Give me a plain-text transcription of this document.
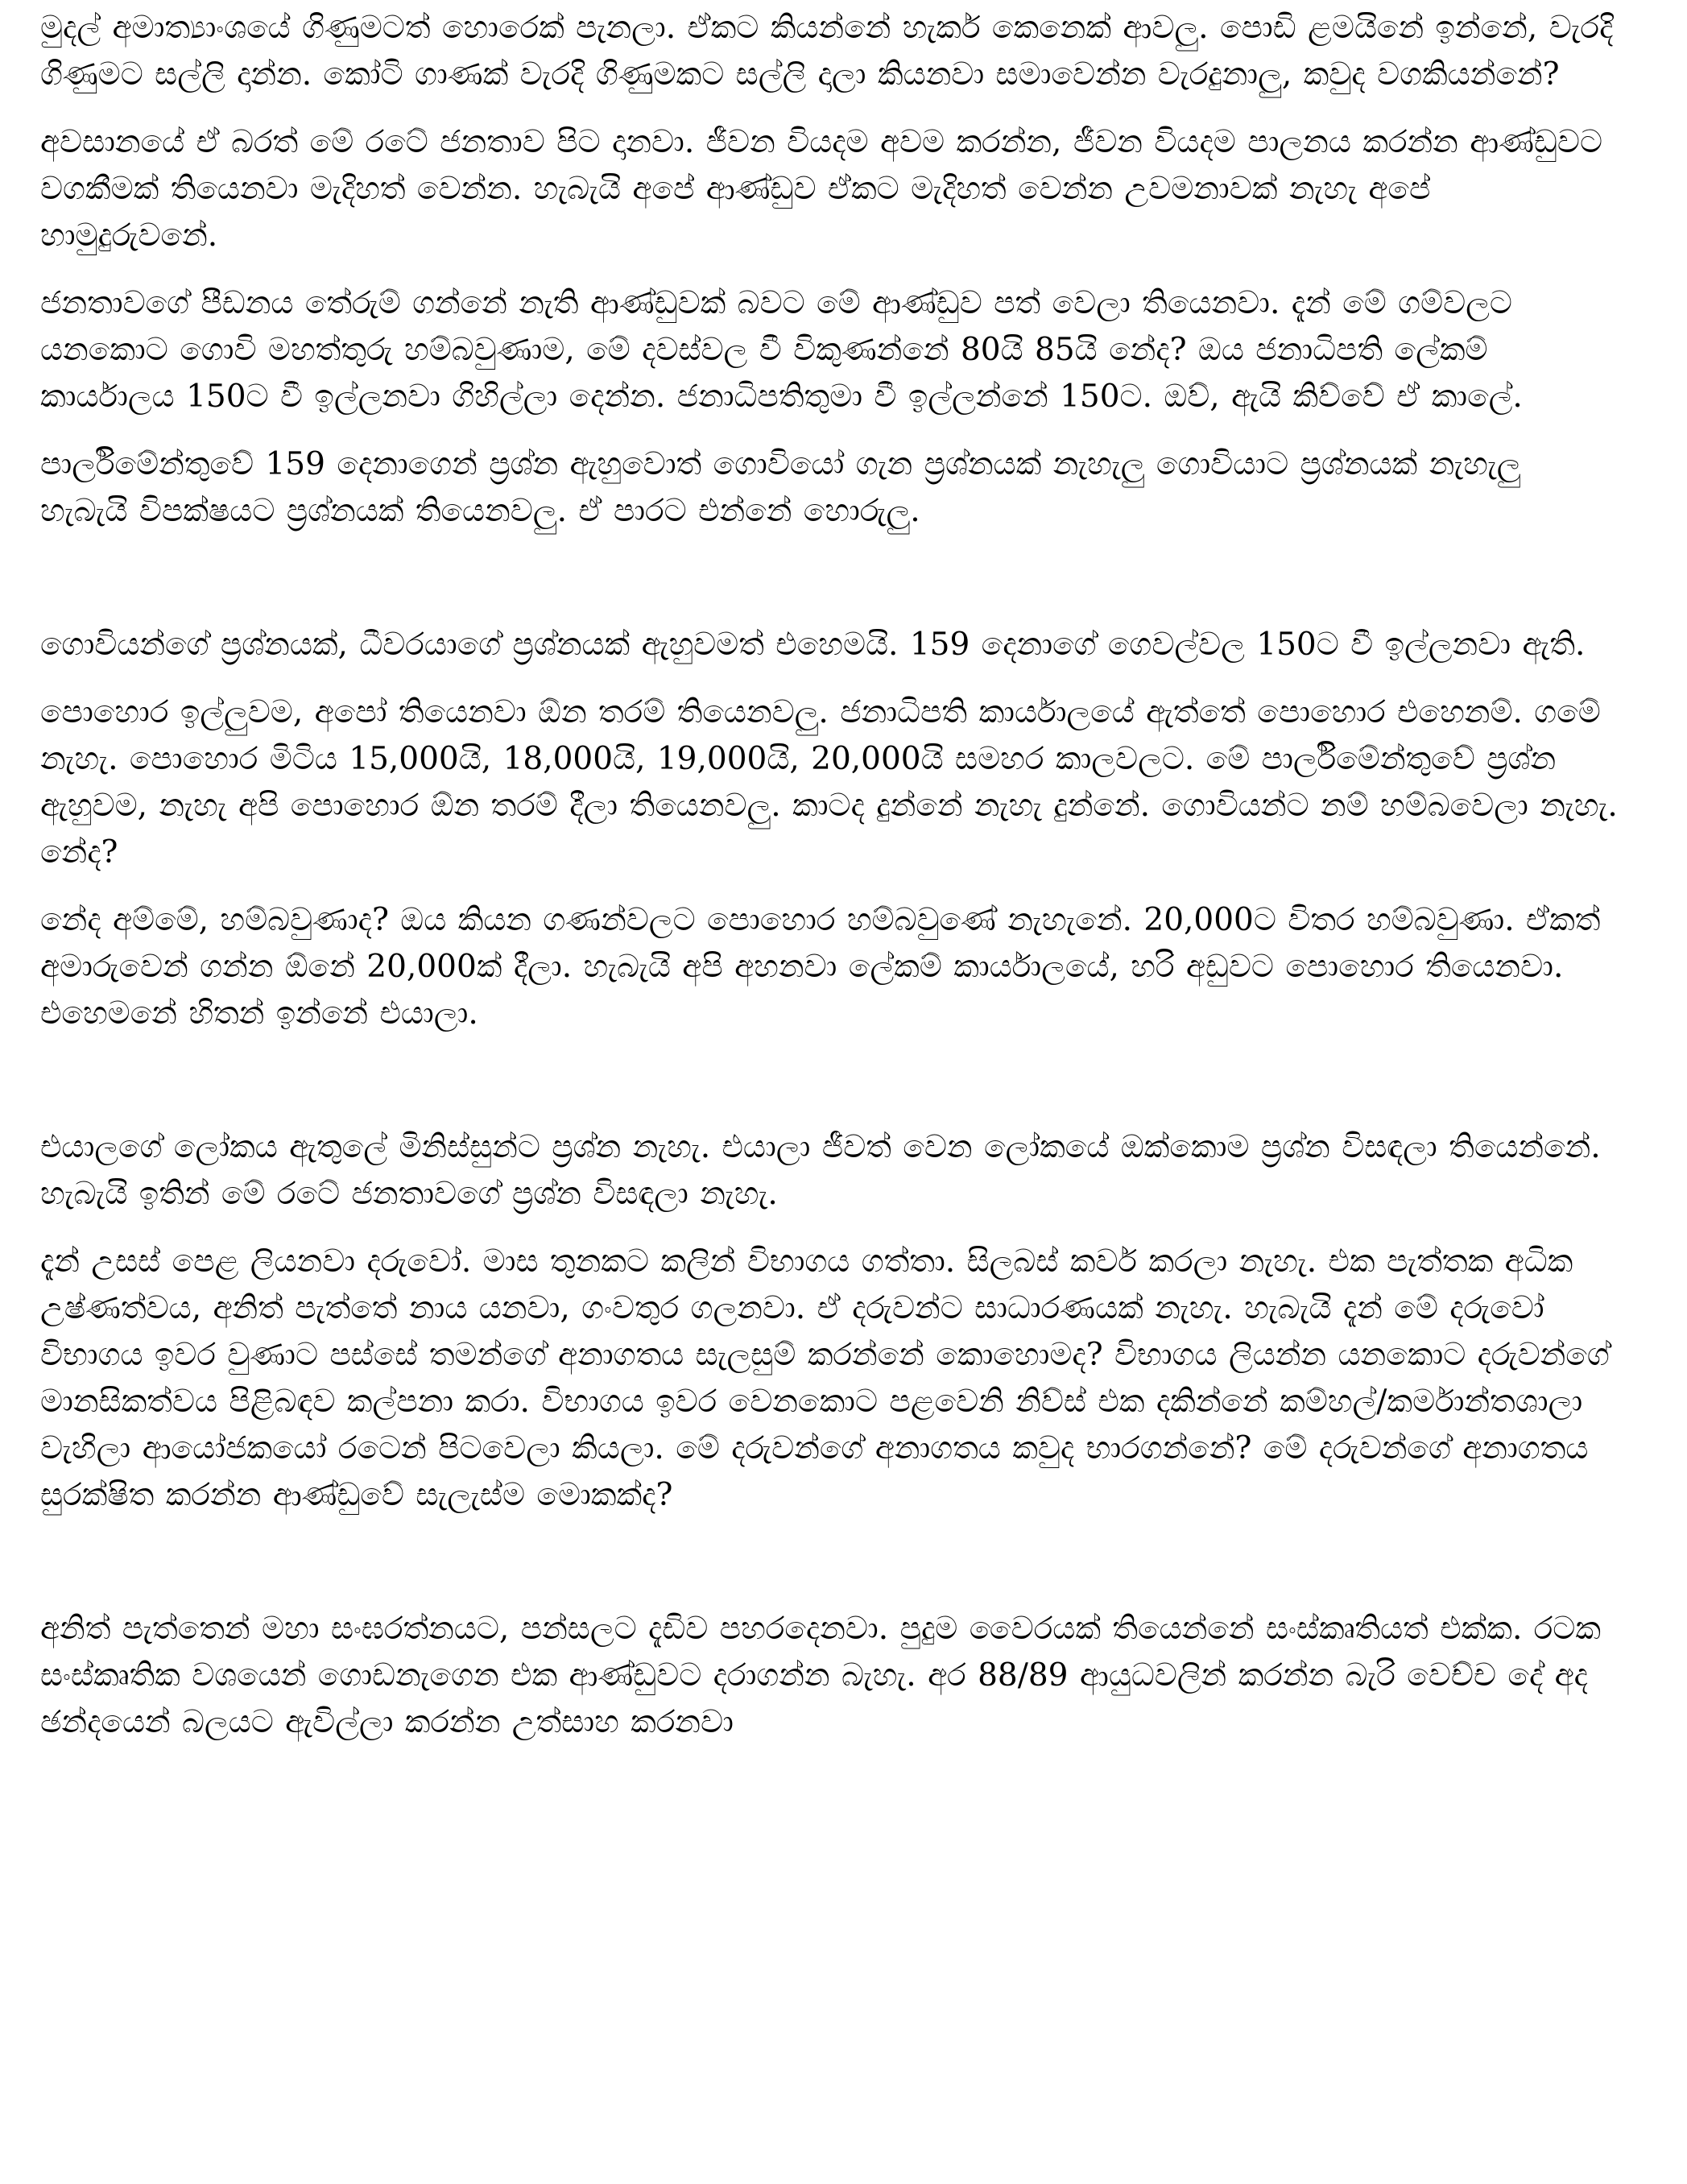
මුදල් අමාත්‍යාංශයේ ගිණුමටත් හොරෙක් පැනලා. ඒකට කියන්නේ හැකර් කෙනෙක් ආවලු. පොඩි ළමයිනේ ඉන්නේ, වැරදි ගිණුමට සල්ලි දාන්න. කෝටි ගාණක් වැරදි ගිණුමකට සල්ලි දාලා කියනවා සමාවෙන්න වැරදුනාලු, කවුද වගකියන්නේ?

අවසානයේ ඒ බරත් මේ රටේ ජනතාව පිට දානවා. ජීවන වියදම අවම කරන්න, ජීවන වියදම පාලනය කරන්න ආණ්ඩුවට වගකීමක් තියෙනවා මැදිහත් වෙන්න. හැබැයි අපේ ආණ්ඩුව ඒකට මැදිහත් වෙන්න උවමනාවක් නැහැ අපේ හාමුදුරුවනේ.

ජනතාවගේ පීඩනය තේරුම් ගන්නේ නැති ආණ්ඩුවක් බවට මේ ආණ්ඩුව පත් වෙලා තියෙනවා. දැන් මේ ගම්වලට යනකොට ගොවි මහත්තුරු හම්බවුණාම, මේ දවස්වල වී විකුණන්නේ 80යි 85යි නේද? ඔය ජනාධිපති ලේකම් කාර්යාලය 150ට වී ඉල්ලනවා ගිහිල්ලා දෙන්න. ජනාධිපතිතුමා වී ඉල්ලන්නේ 150ට. ඔව්, ඇයි කිව්වේ ඒ කාලේ.

පාර්ලිමේන්තුවේ 159 දෙනාගෙන් ප්‍රශ්න ඇහුවොත් ගොවියෝ ගැන ප්‍රශ්නයක් නැහැලු ගොවියාට ප්‍රශ්නයක් නැහැලු හැබැයි විපක්ෂයට ප්‍රශ්නයක් තියෙනවලු. ඒ පාරට එන්නේ හොරුලු.

ගොවියන්ගේ ප්‍රශ්නයක්, ධීවරයාගේ ප්‍රශ්නයක් ඇහුවමත් එහෙමයි. 159 දෙනාගේ ගෙවල්වල 150ට වී ඉල්ලනවා ඇති.

පොහොර ඉල්ලුවම, අපෝ තියෙනවා ඕන තරම් තියෙනවලු. ජනාධිපති කාර්යාලයේ ඇත්තේ පොහොර එහෙනම්. ගමේ නැහැ. පොහොර මිටිය 15,000යි, 18,000යි, 19,000යි, 20,000යි සමහර කාලවලට. මේ පාර්ලිමේන්තුවේ ප්‍රශ්න ඇහුවම, නැහැ අපි පොහොර ඕන තරම් දීලා තියෙනවලු. කාටද දුන්නේ නැහැ දුන්නේ. ගොවියන්ට නම් හම්බවෙලා නැහැ. නේද?

නේද අම්මේ, හම්බවුණාද? ඔය කියන ගණන්වලට පොහොර හම්බවුණේ නැහැනේ. 20,000ට විතර හම්බවුණා. ඒකත් අමාරුවෙන් ගන්න ඕනේ 20,000ක් දීලා. හැබැයි අපි අහනවා ලේකම් කාර්යාලයේ, හරි අඩුවට පොහොර තියෙනවා. එහෙමනේ හිතන් ඉන්නේ එයාලා.

එයාලගේ ලෝකය ඇතුලේ මිනිස්සුන්ට ප්‍රශ්න නැහැ. එයාලා ජීවත් වෙන ලෝකයේ ඔක්කොම ප්‍රශ්න විසඳලා තියෙන්නේ. හැබැයි ඉතින් මේ රටේ ජනතාවගේ ප්‍රශ්න විසඳලා නැහැ.

දැන් උසස් පෙළ ලියනවා දරුවෝ. මාස තුනකට කලින් විභාගය ගත්තා. සිලබස් කවර් කරලා නැහැ. එක පැත්තක අධික උෂ්ණත්වය, අනිත් පැත්තේ නාය යනවා, ගංවතුර ගලනවා. ඒ දරුවන්ට සාධාරණයක් නැහැ. හැබැයි දැන් මේ දරුවෝ විභාගය ඉවර වුණාට පස්සේ තමන්ගේ අනාගතය සැලසුම් කරන්නේ කොහොමද? විභාගය ලියන්න යනකොට දරුවන්ගේ මානසිකත්වය පිළිබඳව කල්පනා කරා. විභාගය ඉවර වෙනකොට පළවෙනි නිව්ස් එක දකින්නේ කම්හල්/කර්මාන්තශාලා වැහිලා ආයෝජකයෝ රටෙන් පිටවෙලා කියලා. මේ දරුවන්ගේ අනාගතය කවුද භාරගන්නේ? මේ දරුවන්ගේ අනාගතය සුරක්ෂිත කරන්න ආණ්ඩුවේ සැලැස්ම මොකක්ද?

අනිත් පැත්තෙන් මහා සංඝරත්නයට, පන්සලට දැඩිව පහරදෙනවා. පුදුම වෛරයක් තියෙන්නේ සංස්කෘතියත් එක්ක. රටක සංස්කෘතික වශයෙන් ගොඩනැගෙන එක ආණ්ඩුවට දරාගන්න බැහැ. අර 88/89 ආයුධවලින් කරන්න බැරි වෙච්ච දේ අද ඡන්දයෙන් බලයට ඇවිල්ලා කරන්න උත්සාහ කරනවා
